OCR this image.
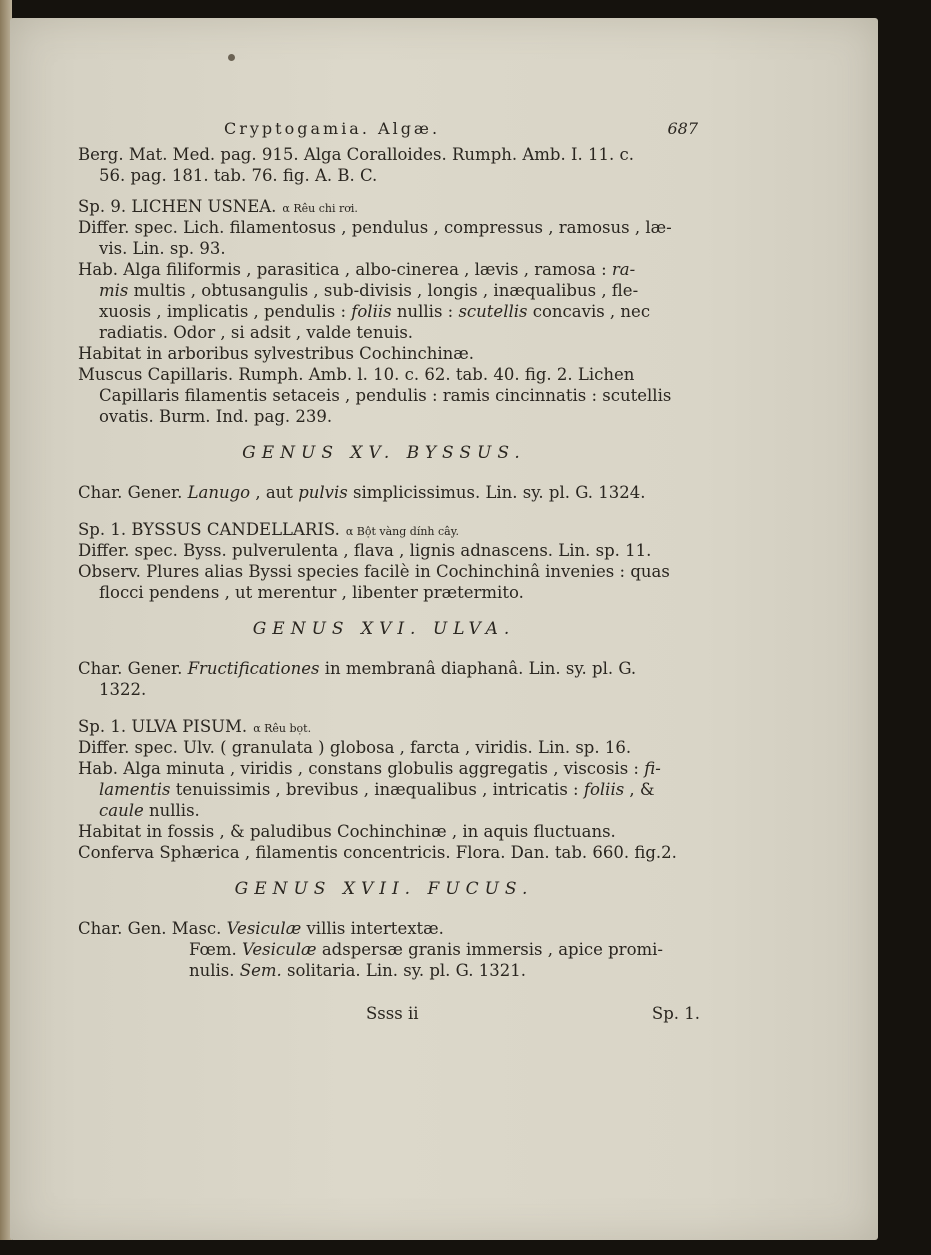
Cryptogamia. Algæ.	687
Berg. Mat. Med. pag. 915. Alga Coralloides. Rumph. Amb. I. 11. c.
56. pag. 181. tab. 76. fig. A. B. C.
Sp. 9. LICHEN USNEA. α Rêu chi rơi.
Differ. spec. Lich. filamentosus , pendulus , compressus , ramosus , læ-
vis. Lin. sp. 93.
Hab. Alga filiformis , parasitica , albo-cinerea , lævis , ramosa : ra-
mis multis , obtusangulis , sub-divisis , longis , inæqualibus , fle-
xuosis , implicatis , pendulis : foliis nullis : scutellis concavis , nec
radiatis. Odor , si adsit , valde tenuis.
Habitat in arboribus sylvestribus Cochinchinæ.
Muscus Capillaris. Rumph. Amb. l. 10. c. 62. tab. 40. fig. 2. Lichen
Capillaris filamentis setaceis , pendulis : ramis cincinnatis : scutellis
ovatis. Burm. Ind. pag. 239.
GENUS XV. BYSSUS.
Char. Gener. Lanugo , aut pulvis simplicissimus. Lin. sy. pl. G. 1324.
Sp. 1. BYSSUS CANDELLARIS. α Bột vàng dính cây.
Differ. spec. Byss. pulverulenta , flava , lignis adnascens. Lin. sp. 11.
Observ. Plures alias Byssi species facilè in Cochinchinâ invenies : quas
flocci pendens , ut merentur , libenter prætermito.
GENUS XVI. ULVA.
Char. Gener. Fructificationes in membranâ diaphanâ. Lin. sy. pl. G.
1322.
Sp. 1. ULVA PISUM. α Rêu bọt.
Differ. spec. Ulv. ( granulata ) globosa , farcta , viridis. Lin. sp. 16.
Hab. Alga minuta , viridis , constans globulis aggregatis , viscosis : fi-
lamentis tenuissimis , brevibus , inæqualibus , intricatis : foliis , &
caule nullis.
Habitat in fossis , & paludibus Cochinchinæ , in aquis fluctuans.
Conferva Sphærica , filamentis concentricis. Flora. Dan. tab. 660. fig.2.
GENUS XVII. FUCUS.
Char. Gen. Masc. Vesiculæ villis intertextæ.
Fœm. Vesiculæ adspersæ granis immersis , apice promi-
nulis. Sem. solitaria. Lin. sy. pl. G. 1321.
Ssss ii	Sp. 1.
